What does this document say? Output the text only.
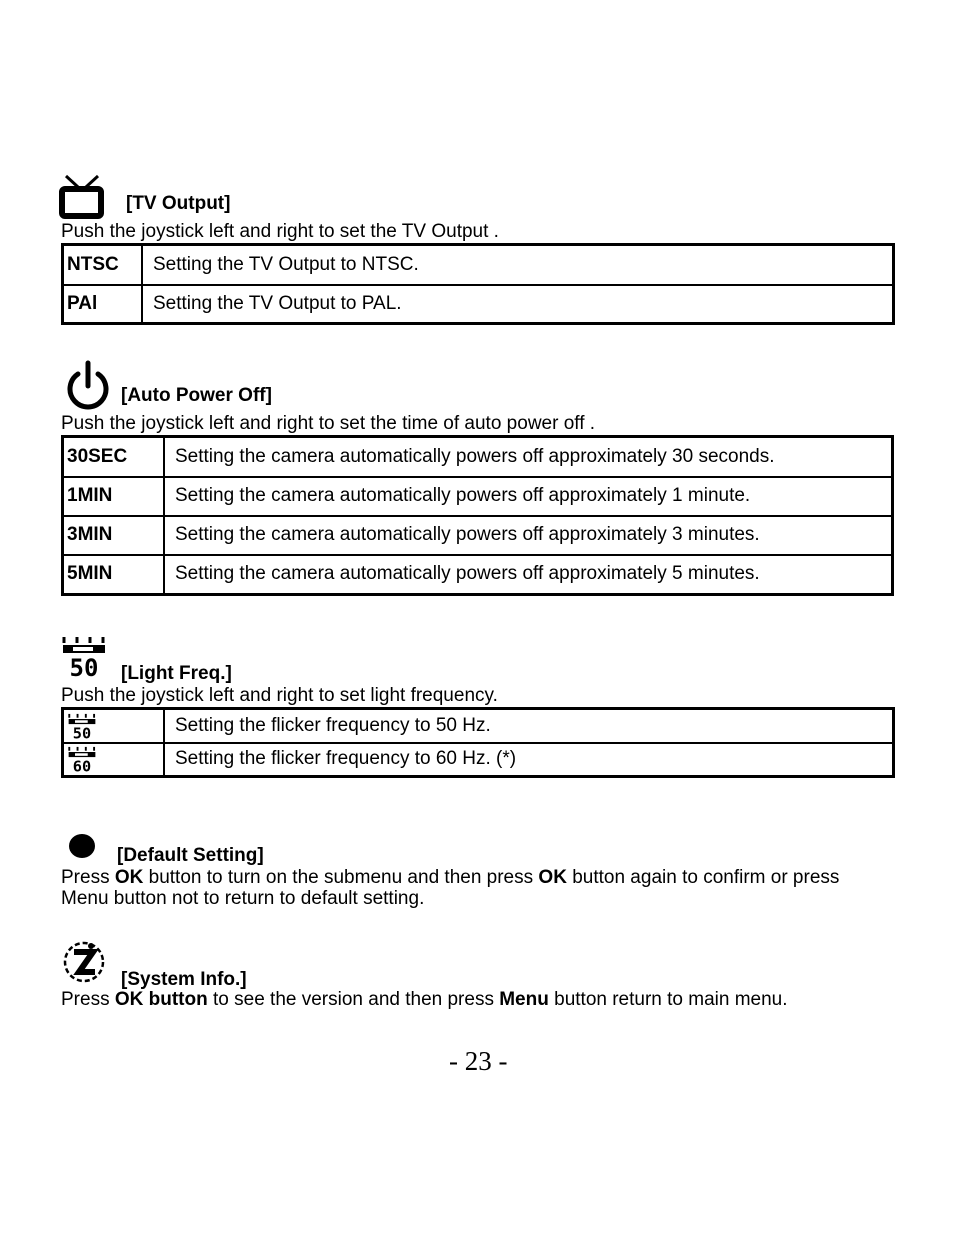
[TV Output]
Push the joystick left and right to set the TV Output .
NTSC	Setting the TV Output to NTSC.
PAl	Setting the TV Output to PAL.
[Auto Power Off]
Push the joystick left and right to set the time of auto power off .
30SEC	Setting the camera automatically powers off approximately 30 seconds.
1MIN	Setting the camera automatically powers off approximately 1 minute.
3MIN	Setting the camera automatically powers off approximately 3 minutes.
5MIN	Setting the camera automatically powers off approximately 5 minutes.
50 [Light Freq.]
Push the joystick left and right to set light frequency.
50	Setting the flicker frequency to 50 Hz.

60	Setting the flicker frequency to 60 Hz. (*)
[Default Setting]
Press OK button to turn on the submenu and then press OK button again to confirm or press
Menu button not to return to default setting.
[System Info.]
Press OK button to see the version and then press Menu button return to main menu.
- 23 -
